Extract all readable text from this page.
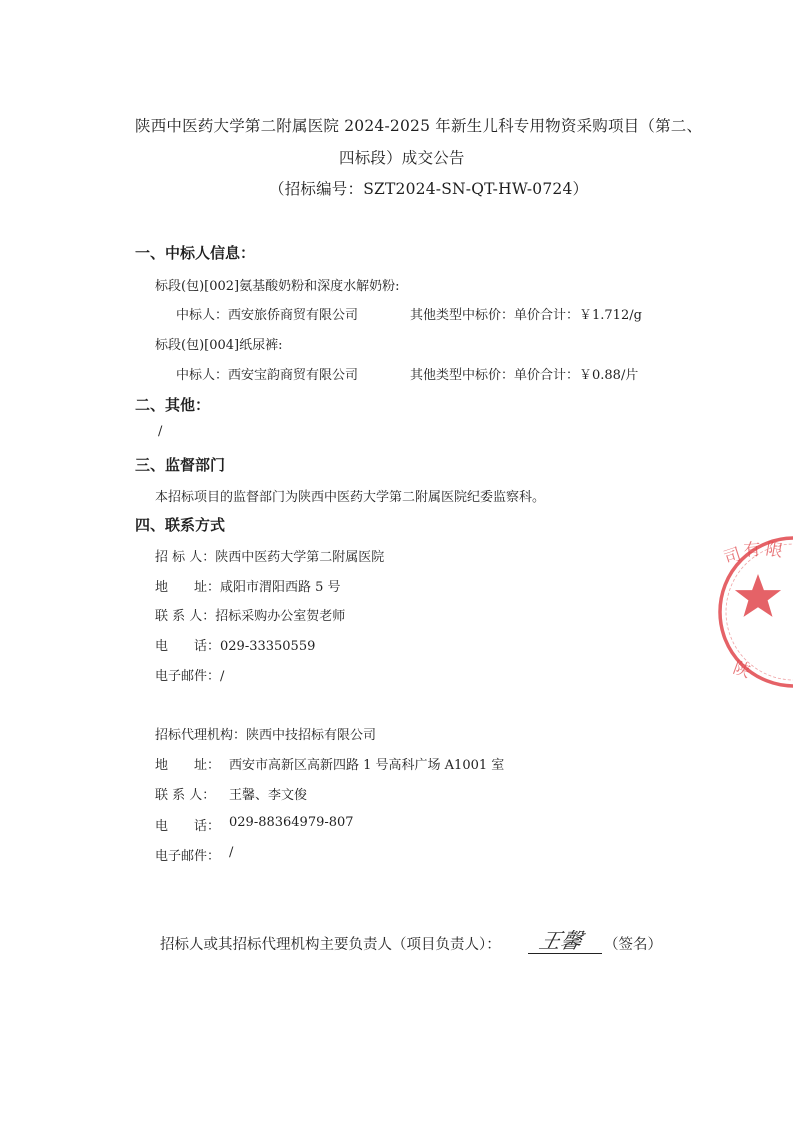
陕西中医药大学第二附属医院 2024-2025 年新生儿科专用物资采购项目（第二、
四标段）成交公告
（招标编号：SZT2024-SN-QT-HW-0724）
一、中标人信息：
标段(包)[002]氨基酸奶粉和深度水解奶粉:
中标人：西安旅侨商贸有限公司	其他类型中标价：单价合计：￥1.712/g
标段(包)[004]纸尿裤:
中标人：西安宝韵商贸有限公司	其他类型中标价：单价合计：￥0.88/片
二、其他：
/
三、监督部门
本招标项目的监督部门为陕西中医药大学第二附属医院纪委监察科。
四、联系方式
招 标 人：陕西中医药大学第二附属医院
地　　址：咸阳市渭阳西路 5 号
联 系 人：招标采购办公室贺老师
电　　话：029-33350559
电子邮件：/
招标代理机构：陕西中技招标有限公司
地　　址： 西安市高新区高新四路 1 号高科广场 A1001 室
联 系 人： 王馨、李文俊
电　　话： 029-88364979-807
电子邮件： /
招标人或其招标代理机构主要负责人（项目负责人）： 王馨 （签名）
司 有 限
陕
